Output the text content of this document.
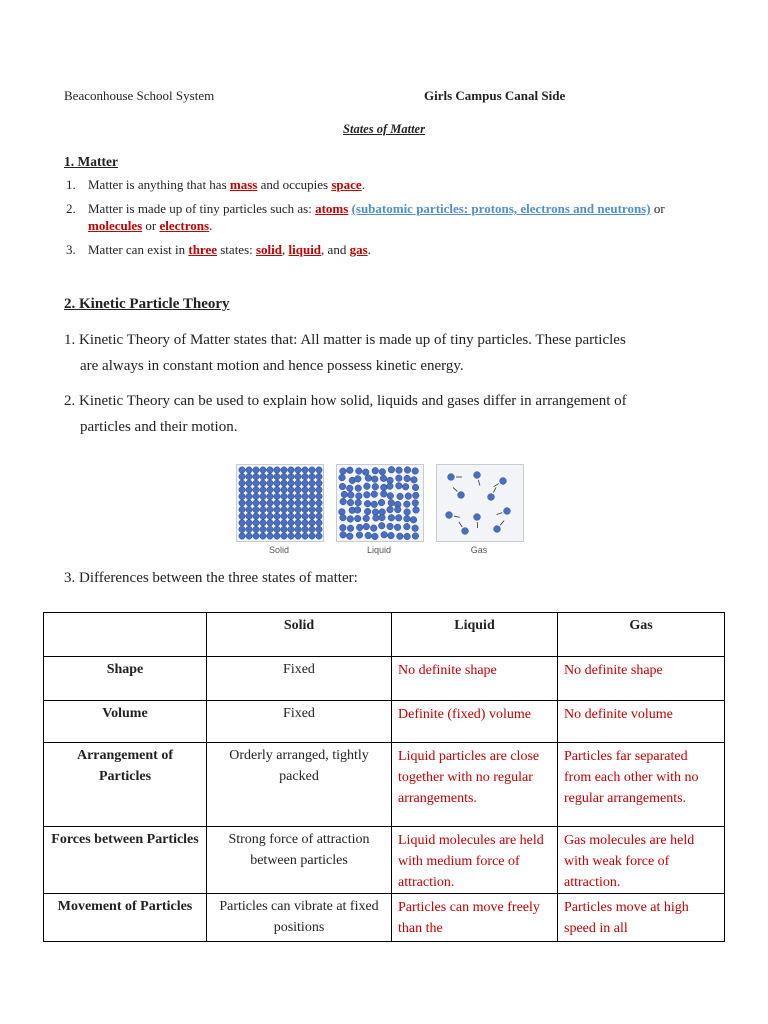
Beaconhouse School System	Girls Campus Canal Side
States of Matter
1. Matter
1. Matter is anything that has mass and occupies space.
2. Matter is made up of tiny particles such as: atoms (subatomic particles: protons, electrons and neutrons) or molecules or electrons.
3. Matter can exist in three states: solid, liquid, and gas.
2. Kinetic Particle Theory
1. Kinetic Theory of Matter states that: All matter is made up of tiny particles. These particles
are always in constant motion and hence possess kinetic energy.
2. Kinetic Theory can be used to explain how solid, liquids and gases differ in arrangement of
particles and their motion.
Solid	Liquid	Gas
3. Differences between the three states of matter:
	Solid	Liquid	Gas
Shape	Fixed	No definite shape	No definite shape
Volume	Fixed	Definite (fixed) volume	No definite volume
Arrangement of Particles	Orderly arranged, tightly packed	Liquid particles are close together with no regular arrangements.	Particles far separated from each other with no regular arrangements.
Forces between Particles	Strong force of attraction between particles	Liquid molecules are held with medium force of attraction.	Gas molecules are held with weak force of attraction.
Movement of Particles	Particles can vibrate at fixed positions	Particles can move freely than the	Particles move at high speed in all
